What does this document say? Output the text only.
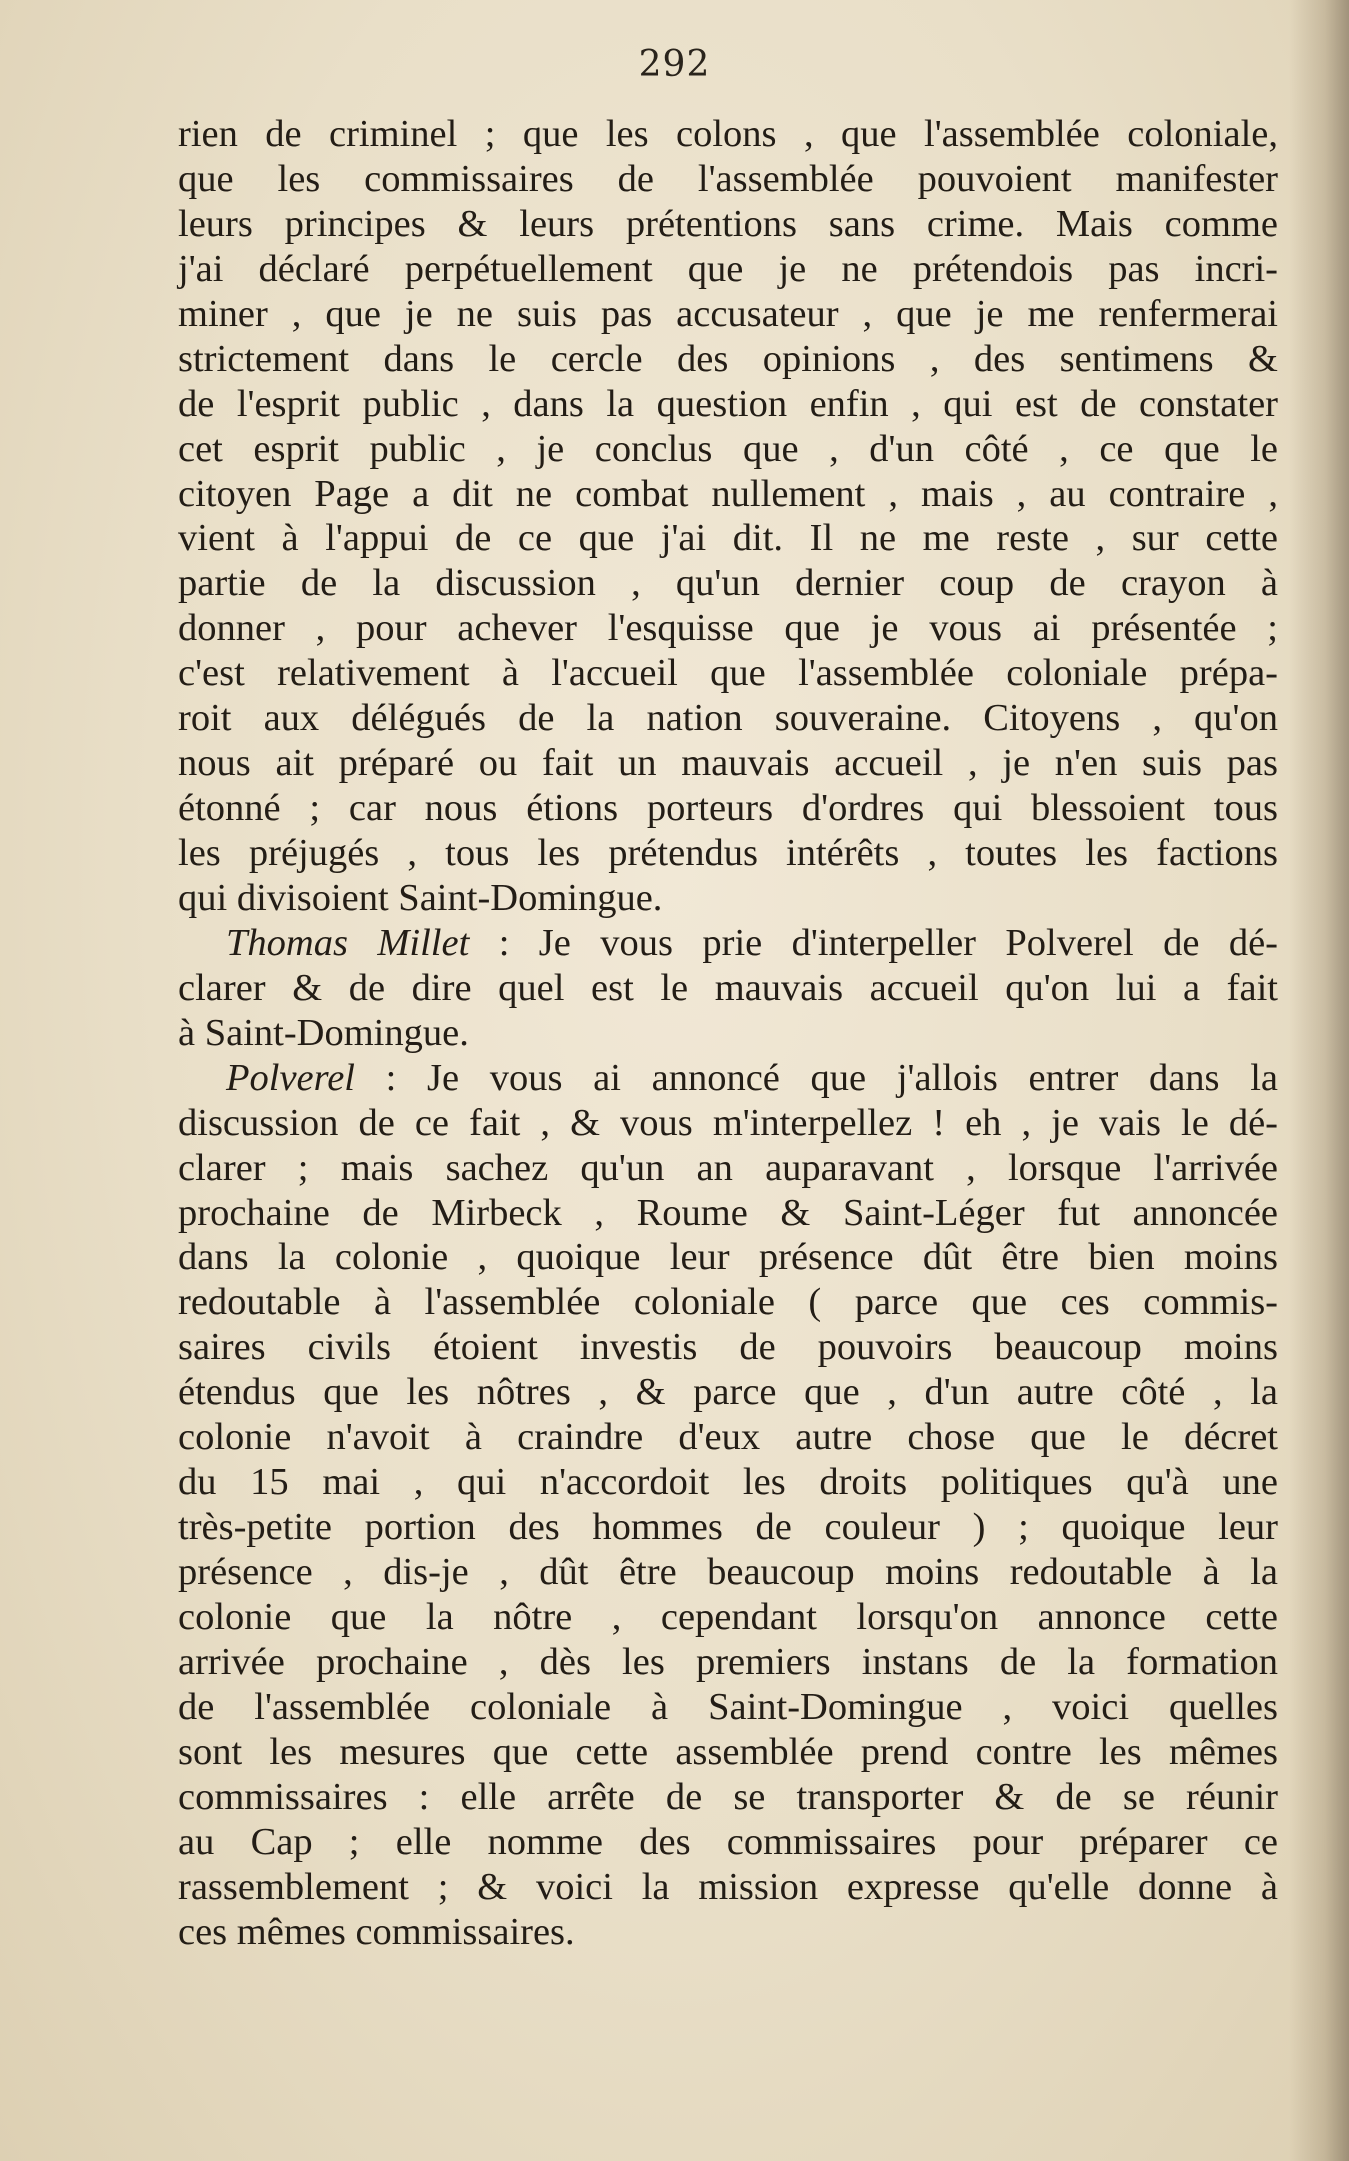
292

rien de criminel ; que les colons , que l'assemblée coloniale,
que les commissaires de l'assemblée pouvoient manifester
leurs principes & leurs prétentions sans crime. Mais comme
j'ai déclaré perpétuellement que je ne prétendois pas incri-
miner , que je ne suis pas accusateur , que je me renfermerai
strictement dans le cercle des opinions , des sentimens &
de l'esprit public , dans la question enfin , qui est de constater
cet esprit public , je conclus que , d'un côté , ce que le
citoyen Page a dit ne combat nullement , mais , au contraire ,
vient à l'appui de ce que j'ai dit. Il ne me reste , sur cette
partie de la discussion , qu'un dernier coup de crayon à
donner , pour achever l'esquisse que je vous ai présentée ;
c'est relativement à l'accueil que l'assemblée coloniale prépa-
roit aux délégués de la nation souveraine. Citoyens , qu'on
nous ait préparé ou fait un mauvais accueil , je n'en suis pas
étonné ; car nous étions porteurs d'ordres qui blessoient tous
les préjugés , tous les prétendus intérêts , toutes les factions
qui divisoient Saint-Domingue.
Thomas Millet : Je vous prie d'interpeller Polverel de dé-
clarer & de dire quel est le mauvais accueil qu'on lui a fait
à Saint-Domingue.
Polverel : Je vous ai annoncé que j'allois entrer dans la
discussion de ce fait , & vous m'interpellez ! eh , je vais le dé-
clarer ; mais sachez qu'un an auparavant , lorsque l'arrivée
prochaine de Mirbeck , Roume & Saint-Léger fut annoncée
dans la colonie , quoique leur présence dût être bien moins
redoutable à l'assemblée coloniale ( parce que ces commis-
saires civils étoient investis de pouvoirs beaucoup moins
étendus que les nôtres , & parce que , d'un autre côté , la
colonie n'avoit à craindre d'eux autre chose que le décret
du 15 mai , qui n'accordoit les droits politiques qu'à une
très-petite portion des hommes de couleur ) ; quoique leur
présence , dis-je , dût être beaucoup moins redoutable à la
colonie que la nôtre , cependant lorsqu'on annonce cette
arrivée prochaine , dès les premiers instans de la formation
de l'assemblée coloniale à Saint-Domingue , voici quelles
sont les mesures que cette assemblée prend contre les mêmes
commissaires : elle arrête de se transporter & de se réunir
au Cap ; elle nomme des commissaires pour préparer ce
rassemblement ; & voici la mission expresse qu'elle donne à
ces mêmes commissaires.
